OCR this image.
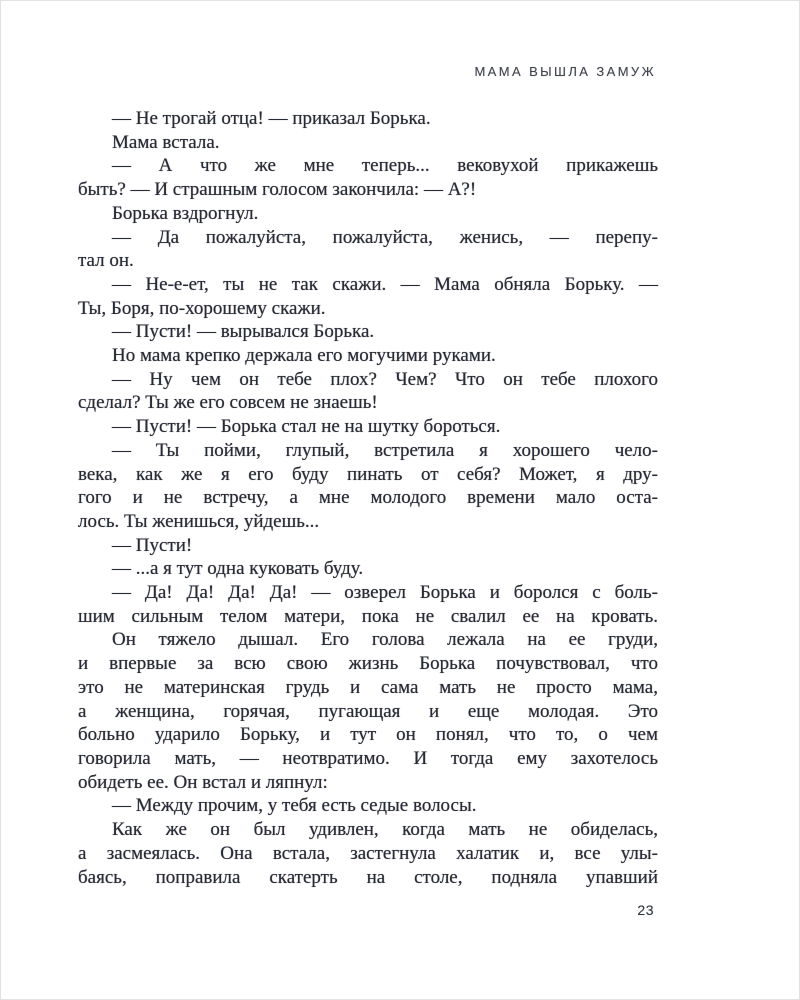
МАМА ВЫШЛА ЗАМУЖ
— Не трогай отца! — приказал Борька.
Мама встала.
— А что же мне теперь... вековухой прикажешь
быть? — И страшным голосом закончила: — А?!
Борька вздрогнул.
— Да пожалуйста, пожалуйста, женись, — перепу-
тал он.
— Не-е-ет, ты не так скажи. — Мама обняла Борьку. —
Ты, Боря, по-хорошему скажи.
— Пусти! — вырывался Борька.
Но мама крепко держала его могучими руками.
— Ну чем он тебе плох? Чем? Что он тебе плохого
сделал? Ты же его совсем не знаешь!
— Пусти! — Борька стал не на шутку бороться.
— Ты пойми, глупый, встретила я хорошего чело-
века, как же я его буду пинать от себя? Может, я дру-
гого и не встречу, а мне молодого времени мало оста-
лось. Ты женишься, уйдешь...
— Пусти!
— ...а я тут одна куковать буду.
— Да! Да! Да! Да! — озверел Борька и боролся с боль-
шим сильным телом матери, пока не свалил ее на кровать.
Он тяжело дышал. Его голова лежала на ее груди,
и впервые за всю свою жизнь Борька почувствовал, что
это не материнская грудь и сама мать не просто мама,
а женщина, горячая, пугающая и еще молодая. Это
больно ударило Борьку, и тут он понял, что то, о чем
говорила мать, — неотвратимо. И тогда ему захотелось
обидеть ее. Он встал и ляпнул:
— Между прочим, у тебя есть седые волосы.
Как же он был удивлен, когда мать не обиделась,
а засмеялась. Она встала, застегнула халатик и, все улы-
баясь, поправила скатерть на столе, подняла упавший
23
